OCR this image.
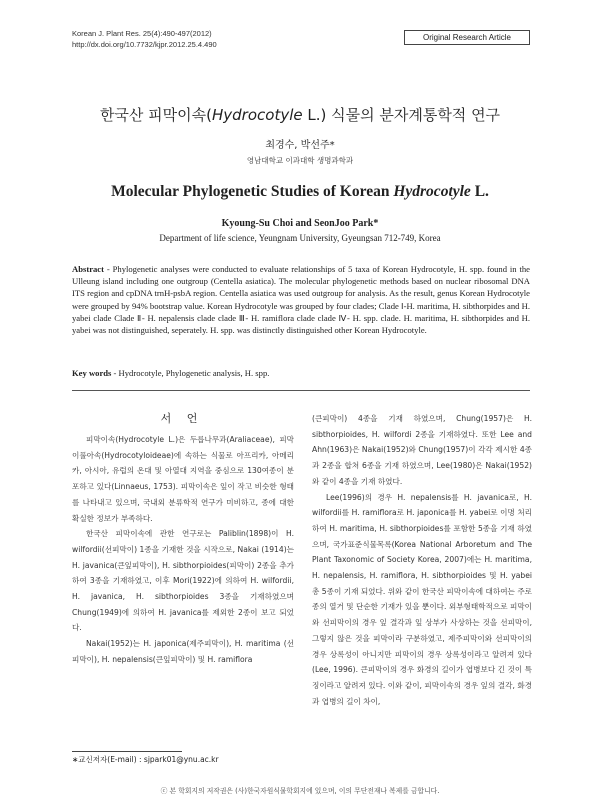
Korean J. Plant Res. 25(4):490-497(2012)
http://dx.doi.org/10.7732/kjpr.2012.25.4.490
Original Research Article
한국산 피막이속(Hydrocotyle L.) 식물의 분자계통학적 연구
최경수, 박선주*
영남대학교 이과대학 생명과학과
Molecular Phylogenetic Studies of Korean Hydrocotyle L.
Kyoung-Su Choi and SeonJoo Park*
Department of life science, Yeungnam University, Gyeungsan 712-749, Korea
Abstract - Phylogenetic analyses were conducted to evaluate relationships of 5 taxa of Korean Hydrocotyle, H. spp. found in the Ulleung island including one outgroup (Centella asiatica). The molecular phylogenetic methods based on nuclear ribosomal DNA ITS region and cpDNA trnH-psbA region. Centella asiatica was used outgroup for analysis. As the result, genus Korean Hydrocotyle were grouped by 94% bootstrap value. Korean Hydrocotyle was grouped by four clades; Clade Ⅰ-H. maritima, H. sibthorpides and H. yabei clade Clade Ⅱ- H. nepalensis clade clade Ⅲ- H. ramiflora clade clade Ⅳ- H. spp. clade. H. maritima, H. sibthorpides and H. yabei was not distinguished, seperately. H. spp. was distinctly distinguished other Korean Hydrocotyle.
Key words - Hydrocotyle, Phylogenetic analysis, H. spp.
서 언

피막이속(Hydrocotyle L.)은 두릅나무과(Araliaceae), 피막이풀아속(Hydrocotyloideae)에 속하는 식물로 아프리카, 아메리카, 아시아, 유럽의 온대 및 아열대 지역을 중심으로 130여종이 분포하고 있다(Linnaeus, 1753). 피막이속은 잎이 작고 비슷한 형태를 나타내고 있으며, 국내외 분류학적 연구가 미비하고, 종에 대한 확실한 정보가 부족하다.

한국산 피막이속에 관한 연구로는 Paliblin(1898)이 H. wilfordii(선피막이) 1종을 기재한 것을 시작으로, Nakai (1914)는 H. javanica(큰잎피막이), H. sibthorpioides(피막이) 2종을 추가하여 3종을 기재하였고, 이후 Mori(1922)에 의하여 H. wilfordii, H. javanica, H. sibthorpioides 3종을 기재하였으며 Chung(1949)에 의하여 H. javanica를 제외한 2종이 보고 되었다.

Nakai(1952)는 H. japonica(제주피막이), H. maritima (선피막이), H. nepalensis(큰잎피막이) 및 H. ramiflora

(큰피막이) 4종을 기재 하였으며, Chung(1957)은 H. sibthorpioides, H. wilfordi 2종을 기재하였다. 또한 Lee and Ahn(1963)은 Nakai(1952)와 Chung(1957)이 각각 제시한 4종과 2종을 합쳐 6종을 기재 하였으며, Lee(1980)은 Nakai(1952)와 같이 4종을 기재 하였다.

Lee(1996)의 경우 H. nepalensis를 H. javanica로, H. wilfordii를 H. ramiflora로 H. japonica를 H. yabei로 이명 처리하여 H. maritima, H. sibthorpioides를 포함한 5종을 기재 하였으며, 국가표준식물목록(Korea National Arboretum and The Plant Taxonomic of Society Korea, 2007)에는 H. maritima, H. nepalensis, H. ramiflora, H. sibthorpioides 및 H. yabei 총 5종이 기재 되었다. 위와 같이 한국산 피막이속에 대하여는 주로 종의 열거 및 단순한 기재가 있을 뿐이다. 외부형태학적으로 피막이와 선피막이의 경우 잎 결각과 잎 상부가 사상하는 것을 선피막이, 그렇지 않은 것을 피막이라 구분하였고, 제주피막이와 선피막이의 경우 상록성이 아니지만 피막이의 경우 상록성이라고 알려져 있다(Lee, 1996). 큰피막이의 경우 화경의 길이가 엽병보다 긴 것이 특징이라고 알려져 있다. 이와 같이, 피막이속의 경우 잎의 결각, 화경과 엽병의 길이 차이,

∗교신저자(E-mail) : sjpark01@ynu.ac.kr
ⓒ 본 학회지의 저작권은 (사)한국자원식물학회지에 있으며, 이의 무단전재나 복제를 금합니다.
